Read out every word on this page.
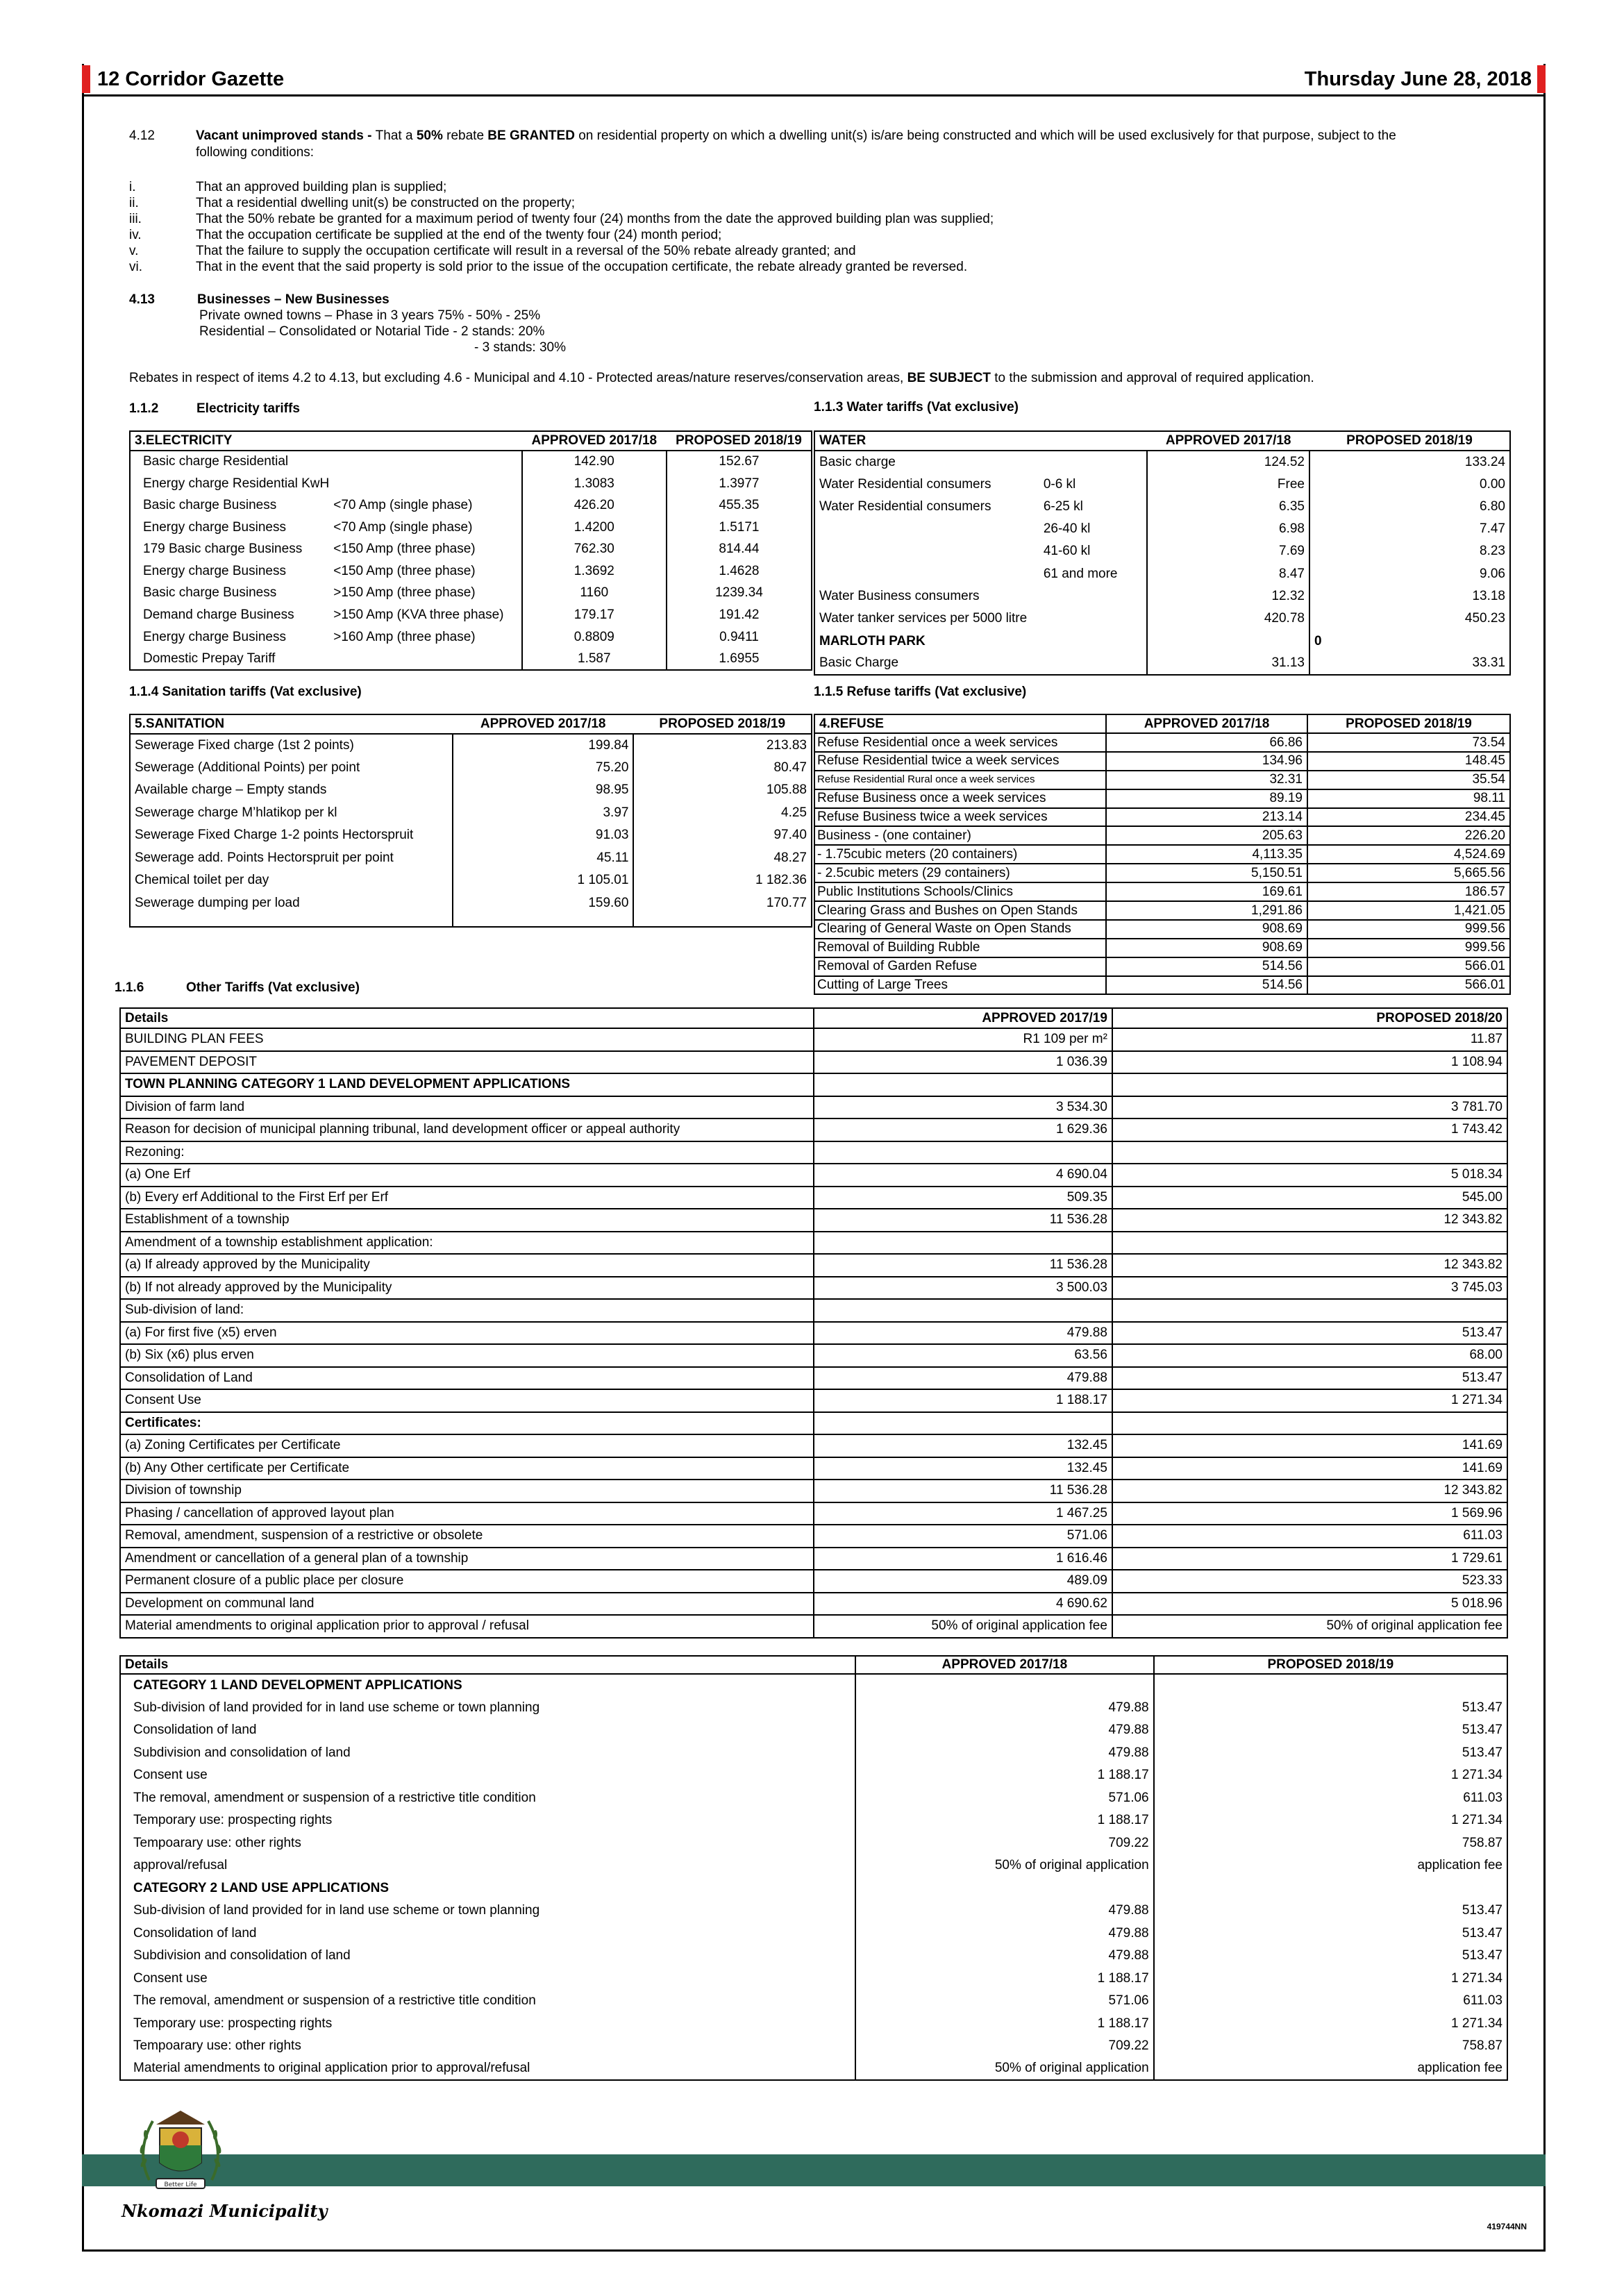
12 Corridor Gazette	Thursday June 28, 2018
4.12	Vacant unimproved stands - That a 50% rebate BE GRANTED on residential property on which a dwelling unit(s) is/are being constructed and which will be used exclusively for that purpose, subject to the
following conditions:
i.	That an approved building plan is supplied;
ii.	That a residential dwelling unit(s) be constructed on the property;
iii.	That the 50% rebate be granted for a maximum period of twenty four (24) months from the date the approved building plan was supplied;
iv.	That the occupation certificate be supplied at the end of the twenty four (24) month period;
v.	That the failure to supply the occupation certificate will result in a reversal of the 50% rebate already granted; and
vi.	That in the event that the said property is sold prior to the issue of the occupation certificate, the rebate already granted be reversed.
4.13	Businesses – New Businesses
Private owned towns – Phase in 3 years 75% - 50% - 25%
Residential – Consolidated or Notarial Tide - 2 stands: 20%
- 3 stands: 30%
Rebates in respect of items 4.2 to 4.13, but excluding 4.6 - Municipal and 4.10 - Protected areas/nature reserves/conservation areas, BE SUBJECT to the submission and approval of required application.
1.1.2	Electricity tariffs	1.1.3 Water tariffs (Vat exclusive)
1.1.4 Sanitation tariffs (Vat exclusive)	1.1.5 Refuse tariffs (Vat exclusive)
1.1.6	Other Tariffs (Vat exclusive)
3.ELECTRICITY		APPROVED 2017/18	PROPOSED 2018/19
Basic charge Residential		142.90	152.67
Energy charge Residential KwH		1.3083	1.3977
Basic charge Business	<70 Amp (single phase)	426.20	455.35
Energy charge Business	<70 Amp (single phase)	1.4200	1.5171
179 Basic charge Business	<150 Amp (three phase)	762.30	814.44
Energy charge Business	<150 Amp (three phase)	1.3692	1.4628
Basic charge Business	>150 Amp (three phase)	1160	1239.34
Demand charge Business	>150 Amp (KVA three phase)	179.17	191.42
Energy charge Business	>160 Amp (three phase)	0.8809	0.9411
Domestic Prepay Tariff		1.587	1.6955
WATER		APPROVED 2017/18	PROPOSED 2018/19
Basic charge		124.52	133.24
Water Residential consumers	0-6 kl	Free	0.00
Water Residential consumers	6-25 kl	6.35	6.80
	26-40 kl	6.98	7.47
	41-60 kl	7.69	8.23
	61 and more	8.47	9.06
Water Business consumers		12.32	13.18
Water tanker services per 5000 litre		420.78	450.23
MARLOTH PARK			0
Basic Charge		31.13	33.31
5.SANITATION	APPROVED 2017/18	PROPOSED 2018/19
Sewerage Fixed charge (1st 2 points)	199.84	213.83
Sewerage (Additional Points) per point	75.20	80.47
Available charge – Empty stands	98.95	105.88
Sewerage charge M’hlatikop per kl	3.97	4.25
Sewerage Fixed Charge 1-2 points Hectorspruit	91.03	97.40
Sewerage add. Points Hectorspruit per point	45.11	48.27
Chemical toilet per day	1 105.01	1 182.36
Sewerage dumping per load	159.60	170.77

4.REFUSE	APPROVED 2017/18	PROPOSED 2018/19
Refuse Residential once a week services	66.86	73.54
Refuse Residential twice a week services	134.96	148.45
Refuse Residential Rural once a week services	32.31	35.54
Refuse Business once a week services	89.19	98.11
Refuse Business twice a week services	213.14	234.45
Business - (one container)	205.63	226.20
- 1.75cubic meters (20 containers)	4,113.35	4,524.69
- 2.5cubic meters (29 containers)	5,150.51	5,665.56
Public Institutions Schools/Clinics	169.61	186.57
Clearing Grass and Bushes on Open Stands	1,291.86	1,421.05
Clearing of General Waste on Open Stands	908.69	999.56
Removal of Building Rubble	908.69	999.56
Removal of Garden Refuse	514.56	566.01
Cutting of Large Trees	514.56	566.01
Details	APPROVED 2017/19	PROPOSED 2018/20
BUILDING PLAN FEES	R1 109 per m²	11.87
PAVEMENT DEPOSIT	1 036.39	1 108.94
TOWN PLANNING CATEGORY 1 LAND DEVELOPMENT APPLICATIONS		
Division of farm land	3 534.30	3 781.70
Reason for decision of municipal planning tribunal, land development officer or appeal authority	1 629.36	1 743.42
Rezoning:		
(a) One Erf	4 690.04	5 018.34
(b) Every erf Additional to the First Erf per Erf	509.35	545.00
Establishment of a township	11 536.28	12 343.82
Amendment of a township establishment application:		
(a) If already approved by the Municipality	11 536.28	12 343.82
(b) If not already approved by the Municipality	3 500.03	3 745.03
Sub-division of land:		
(a) For first five (x5) erven	479.88	513.47
(b) Six (x6) plus erven	63.56	68.00
Consolidation of Land	479.88	513.47
Consent Use	1 188.17	1 271.34
Certificates:		
(a) Zoning Certificates per Certificate	132.45	141.69
(b) Any Other certificate per Certificate	132.45	141.69
Division of township	11 536.28	12 343.82
Phasing / cancellation of approved layout plan	1 467.25	1 569.96
Removal, amendment, suspension of a restrictive or obsolete	571.06	611.03
Amendment or cancellation of a general plan of a township	1 616.46	1 729.61
Permanent closure of a public place per closure	489.09	523.33
Development on communal land	4 690.62	5 018.96
Material amendments to original application prior to approval / refusal	50% of original application fee	50% of original application fee
Details	APPROVED 2017/18	PROPOSED 2018/19
CATEGORY 1 LAND DEVELOPMENT APPLICATIONS		
Sub-division of land provided for in land use scheme or town planning	479.88	513.47
Consolidation of land	479.88	513.47
Subdivision and consolidation of land	479.88	513.47
Consent use	1 188.17	1 271.34
The removal, amendment or suspension of a restrictive title condition	571.06	611.03
Temporary use: prospecting rights	1 188.17	1 271.34
Tempoarary use: other rights	709.22	758.87
approval/refusal	50% of original application	application fee
CATEGORY 2 LAND USE APPLICATIONS		
Sub-division of land provided for in land use scheme or town planning	479.88	513.47
Consolidation of land	479.88	513.47
Subdivision and consolidation of land	479.88	513.47
Consent use	1 188.17	1 271.34
The removal, amendment or suspension of a restrictive title condition	571.06	611.03
Temporary use: prospecting rights	1 188.17	1 271.34
Tempoarary use: other rights	709.22	758.87
Material amendments to original application prior to approval/refusal	50% of original application	application fee
Better Life
Nkomazi Municipality
419744NN
